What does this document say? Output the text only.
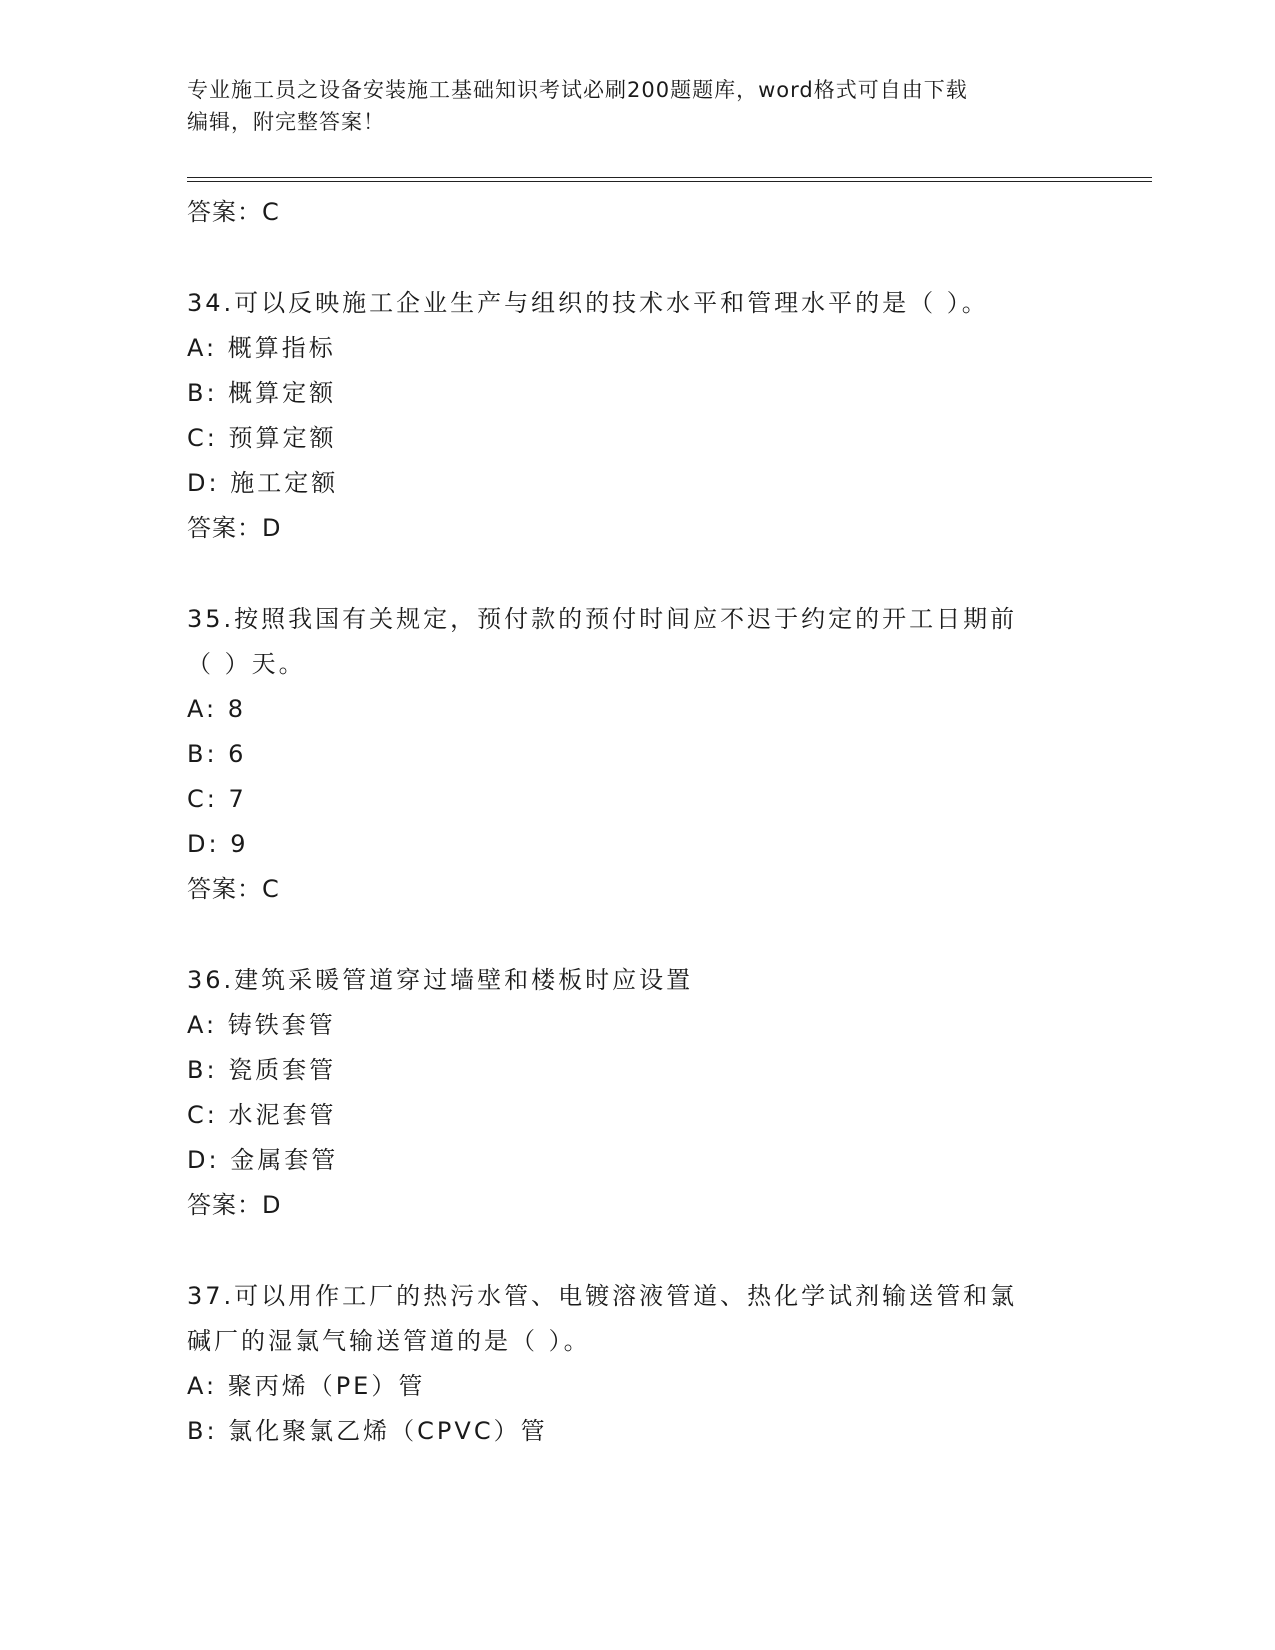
专业施工员之设备安装施工基础知识考试必刷200题题库，word格式可自由下载
编辑，附完整答案！
答案：C
34.可以反映施工企业生产与组织的技术水平和管理水平的是（ ）。
A: 概算指标
B: 概算定额
C: 预算定额
D: 施工定额
答案：D
35.按照我国有关规定，预付款的预付时间应不迟于约定的开工日期前
（ ）天。
A: 8
B: 6
C: 7
D: 9
答案：C
36.建筑采暖管道穿过墙壁和楼板时应设置
A: 铸铁套管
B: 瓷质套管
C: 水泥套管
D: 金属套管
答案：D
37.可以用作工厂的热污水管、电镀溶液管道、热化学试剂输送管和氯
碱厂的湿氯气输送管道的是（ ）。
A: 聚丙烯（PE）管
B: 氯化聚氯乙烯（CPVC）管
